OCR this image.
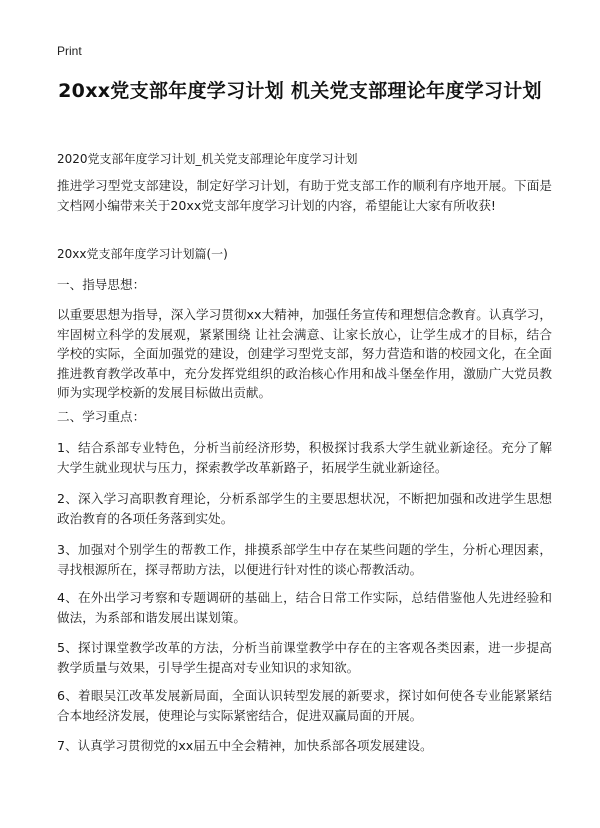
Print
20xx党支部年度学习计划 机关党支部理论年度学习计划
2020党支部年度学习计划_机关党支部理论年度学习计划
推进学习型党支部建设，制定好学习计划，有助于党支部工作的顺利有序地开展。下面是文档网小编带来关于20xx党支部年度学习计划的内容，希望能让大家有所收获!
20xx党支部年度学习计划篇(一)
一、指导思想：
以重要思想为指导，深入学习贯彻xx大精神，加强任务宣传和理想信念教育。认真学习，牢固树立科学的发展观，紧紧围绕 让社会满意、让家长放心，让学生成才的目标，结合学校的实际，全面加强党的建设，创建学习型党支部，努力营造和谐的校园文化，在全面推进教育教学改革中，充分发挥党组织的政治核心作用和战斗堡垒作用，激励广大党员教师为实现学校新的发展目标做出贡献。
二、学习重点：
1、结合系部专业特色，分析当前经济形势，积极探讨我系大学生就业新途径。充分了解大学生就业现状与压力，探索教学改革新路子，拓展学生就业新途径。
2、深入学习高职教育理论，分析系部学生的主要思想状况，不断把加强和改进学生思想政治教育的各项任务落到实处。
3、加强对个别学生的帮教工作，排摸系部学生中存在某些问题的学生，分析心理因素，寻找根源所在，探寻帮助方法，以便进行针对性的谈心帮教活动。
4、在外出学习考察和专题调研的基础上，结合日常工作实际，总结借鉴他人先进经验和做法，为系部和谐发展出谋划策。
5、探讨课堂教学改革的方法，分析当前课堂教学中存在的主客观各类因素，进一步提高教学质量与效果，引导学生提高对专业知识的求知欲。
6、着眼吴江改革发展新局面，全面认识转型发展的新要求，探讨如何使各专业能紧紧结合本地经济发展，使理论与实际紧密结合，促进双赢局面的开展。
7、认真学习贯彻党的xx届五中全会精神，加快系部各项发展建设。
